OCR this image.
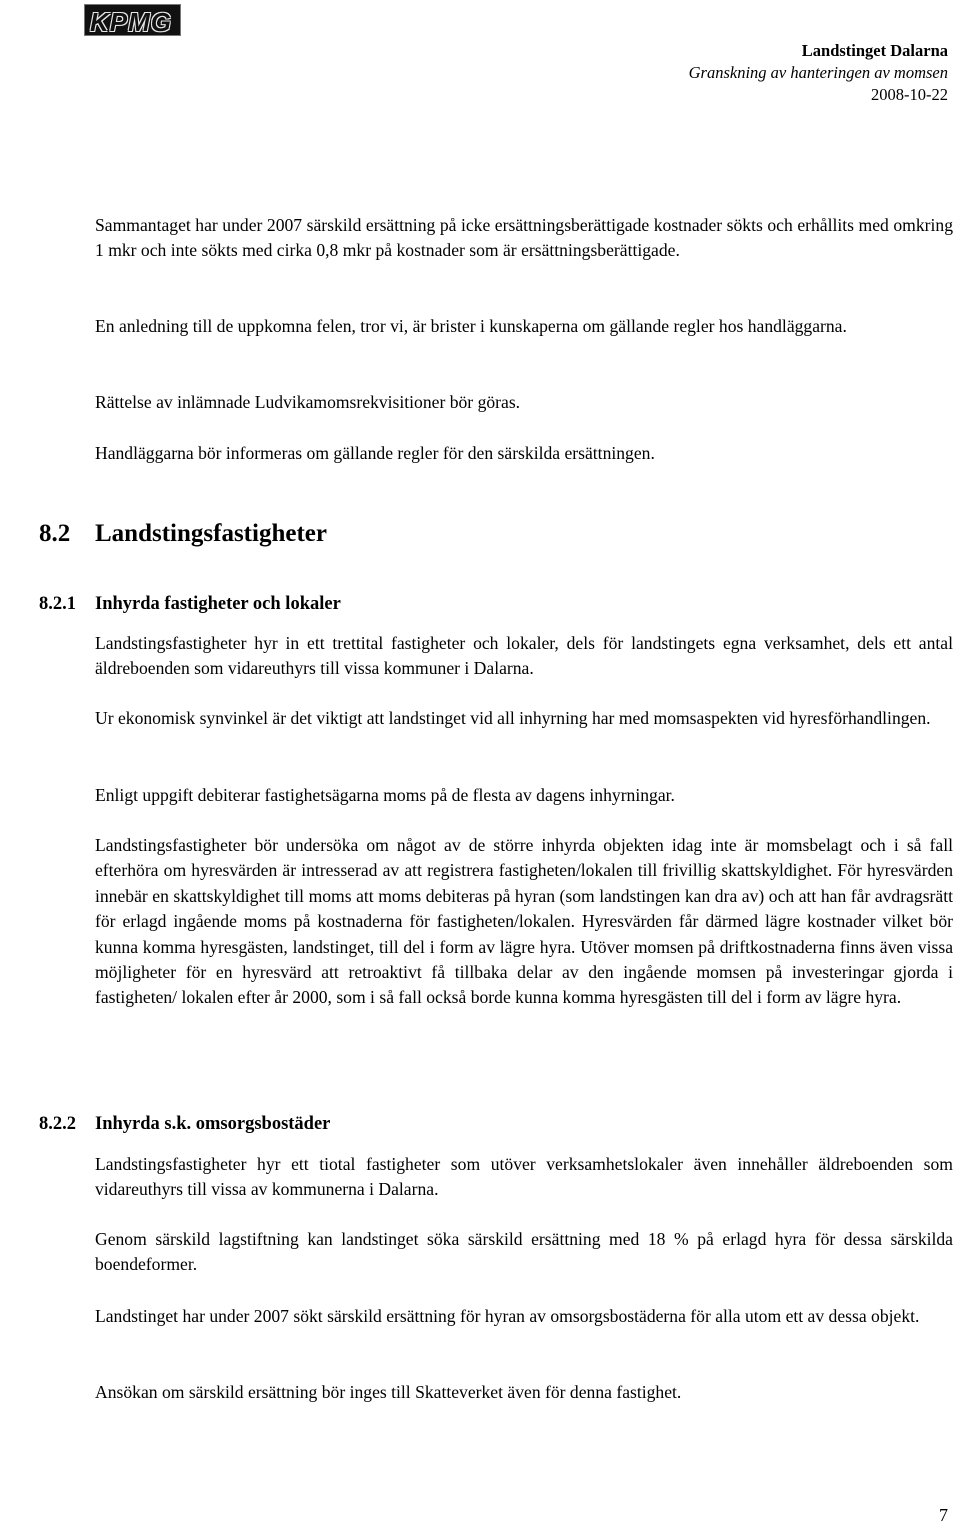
KPMG
Landstinget Dalarna
Granskning av hanteringen av momsen
2008-10-22

Sammantaget har under 2007 särskild ersättning på icke ersättningsberättigade kostnader sökts och erhållits med omkring 1 mkr och inte sökts med cirka 0,8 mkr på kostnader som är ersättningsberättigade.

En anledning till de uppkomna felen, tror vi, är brister i kunskaperna om gällande regler hos handläggarna.

Rättelse av inlämnade Ludvikamomsrekvisitioner bör göras.

Handläggarna bör informeras om gällande regler för den särskilda ersättningen.

8.2 Landstingsfastigheter
8.2.1 Inhyrda fastigheter och lokaler

Landstingsfastigheter hyr in ett trettital fastigheter och lokaler, dels för landstingets egna verksamhet, dels ett antal äldreboenden som vidareuthyrs till vissa kommuner i Dalarna.

Ur ekonomisk synvinkel är det viktigt att landstinget vid all inhyrning har med momsaspekten vid hyresförhandlingen.

Enligt uppgift debiterar fastighetsägarna moms på de flesta av dagens inhyrningar.

Landstingsfastigheter bör undersöka om något av de större inhyrda objekten idag inte är momsbelagt och i så fall efterhöra om hyresvärden är intresserad av att registrera fastigheten/lokalen till frivillig skattskyldighet. För hyresvärden innebär en skattskyldighet till moms att moms debiteras på hyran (som landstingen kan dra av) och att han får avdragsrätt för erlagd ingående moms på kostnaderna för fastigheten/lokalen. Hyresvärden får därmed lägre kostnader vilket bör kunna komma hyresgästen, landstinget, till del i form av lägre hyra. Utöver momsen på driftkostnaderna finns även vissa möjligheter för en hyresvärd att retroaktivt få tillbaka delar av den ingående momsen på investeringar gjorda i fastigheten/ lokalen efter år 2000, som i så fall också borde kunna komma hyresgästen till del i form av lägre hyra.

8.2.2 Inhyrda s.k. omsorgsbostäder

Landstingsfastigheter hyr ett tiotal fastigheter som utöver verksamhetslokaler även innehåller äldreboenden som vidareuthyrs till vissa av kommunerna i Dalarna.

Genom särskild lagstiftning kan landstinget söka särskild ersättning med 18 % på erlagd hyra för dessa särskilda boendeformer.

Landstinget har under 2007 sökt särskild ersättning för hyran av omsorgsbostäderna för alla utom ett av dessa objekt.

Ansökan om särskild ersättning bör inges till Skatteverket även för denna fastighet.

7
